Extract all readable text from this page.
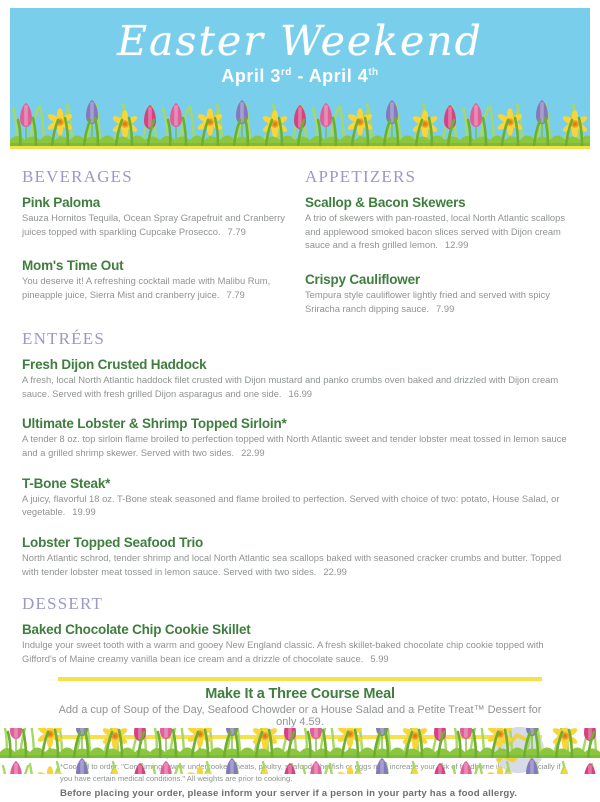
Easter Weekend
April 3rd - April 4th
BEVERAGES
Pink Paloma

Sauza Hornitos Tequila, Ocean Spray Grapefruit and Cranberry juices topped with sparkling Cupcake Prosecco. 7.79

Mom's Time Out

You deserve it! A refreshing cocktail made with Malibu Rum, pineapple juice, Sierra Mist and cranberry juice. 7.79

APPETIZERS
Scallop & Bacon Skewers

A trio of skewers with pan-roasted, local North Atlantic scallops and applewood smoked bacon slices served with Dijon cream sauce and a fresh grilled lemon. 12.99

Crispy Cauliflower

Tempura style cauliflower lightly fried and served with spicy Sriracha ranch dipping sauce. 7.99

ENTRÉES
Fresh Dijon Crusted Haddock

A fresh, local North Atlantic haddock filet crusted with Dijon mustard and panko crumbs oven baked and drizzled with Dijon cream sauce. Served with fresh grilled Dijon asparagus and one side. 16.99

Ultimate Lobster & Shrimp Topped Sirloin*

A tender 8 oz. top sirloin flame broiled to perfection topped with North Atlantic sweet and tender lobster meat tossed in lemon sauce and a grilled shrimp skewer. Served with two sides. 22.99

T-Bone Steak*

A juicy, flavorful 18 oz. T-Bone steak seasoned and flame broiled to perfection. Served with choice of two: potato, House Salad, or vegetable. 19.99

Lobster Topped Seafood Trio

North Atlantic schrod, tender shrimp and local North Atlantic sea scallops baked with seasoned cracker crumbs and butter. Topped with tender lobster meat tossed in lemon sauce. Served with two sides. 22.99

DESSERT
Baked Chocolate Chip Cookie Skillet

Indulge your sweet tooth with a warm and gooey New England classic. A fresh skillet-baked chocolate chip cookie topped with Gifford's of Maine creamy vanilla bean ice cream and a drizzle of chocolate sauce. 5.99

Make It a Three Course Meal

Add a cup of Soup of the Day, Seafood Chowder or a House Salad and a Petite Treat™ Dessert for only 4.59.

you have certain medical conditions." All weights are prior to cooking.

Before placing your order, please inform your server if a person in your party has a food allergy.
